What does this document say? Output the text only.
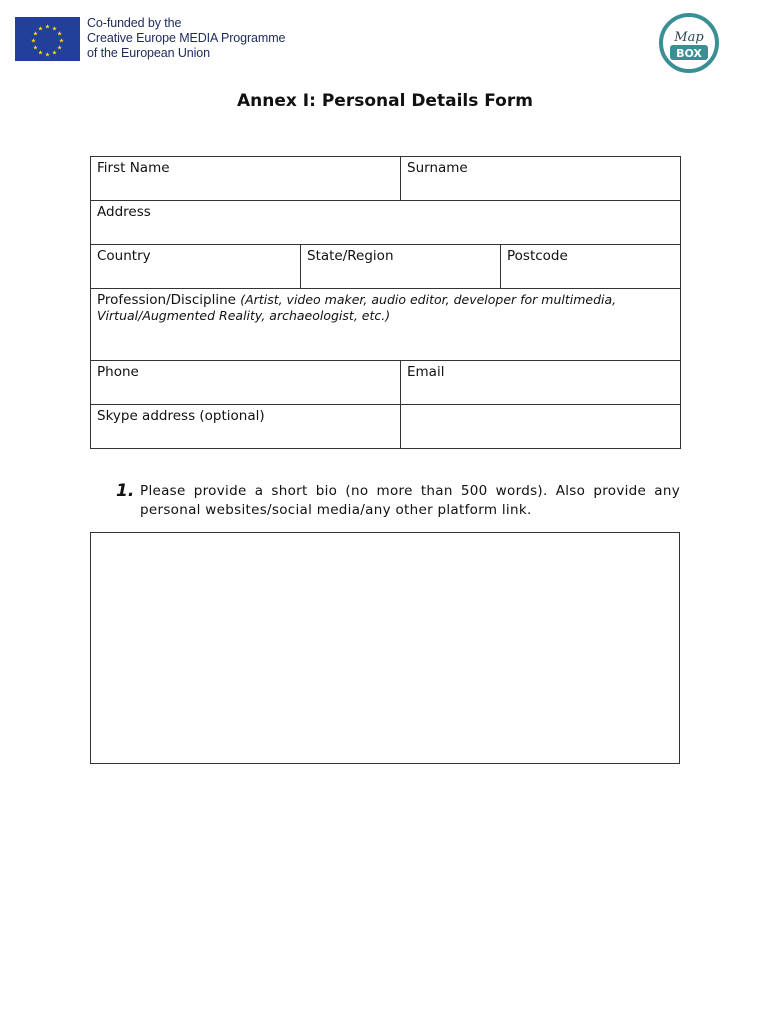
★ ★
★
★
★
★
★
★
★
★
★
★	Co-funded by the
Creative Europe MEDIA Programme
of the European Union
Map
BOX
Annex I: Personal Details Form
First Name		Surname	
Address			
Country	State/Region		Postcode
Profession/Discipline (Artist, video maker, audio editor, developer for multimedia, Virtual/Augmented Reality, archaeologist, etc.)			
Phone		Email	
Skype address (optional)			
1. Please provide a short bio (no more than 500 words). Also provide any personal websites/social media/any other platform link.
